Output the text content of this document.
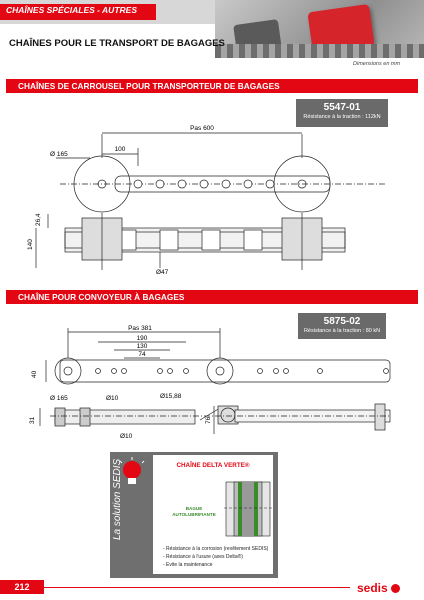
CHAÎNES SPÉCIALES - AUTRES
CHAÎNES POUR LE TRANSPORT DE BAGAGES
Dimensions en mm
CHAÎNES DE CARROUSEL POUR TRANSPORTEUR DE BAGAGES
5547-01
Résistance à la traction : 112kN
Pas 600
100
Ø 165
26,4
140
Ø47
CHAÎNE POUR CONVOYEUR À BAGAGES
5875-02
Résistance à la traction : 80 kN
Pas 381
190
130
74
40
Ø 165	Ø10	Ø15,88
31
Ø10
76
La solution SEDIS	CHAÎNE DELTA VERTE®
BAGUE AUTOLUBRIFIANTE
- Résistance à la corrosion (revêtement SEDIS)
- Résistance à l'usure (axes Delta®)
- Evite la maintenance
212	sedis
